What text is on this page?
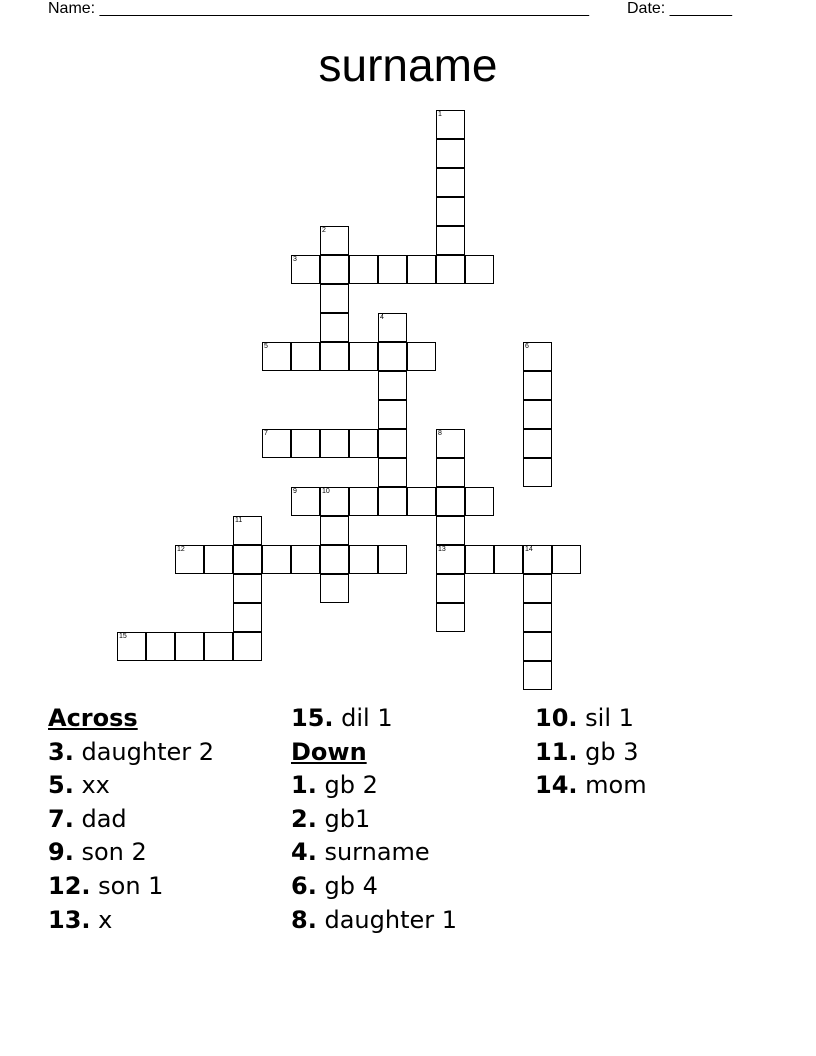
Name: _______________________________________________________ Date: _______
surname
1
2
3
4
5	6
7	8
9	10
11
12	13	14
15
Across
3. daughter 2
5. xx
7. dad
9. son 2
12. son 1
13. x
15. dil 1
Down
1. gb 2
2. gb1
4. surname
6. gb 4
8. daughter 1
10. sil 1
11. gb 3
14. mom
